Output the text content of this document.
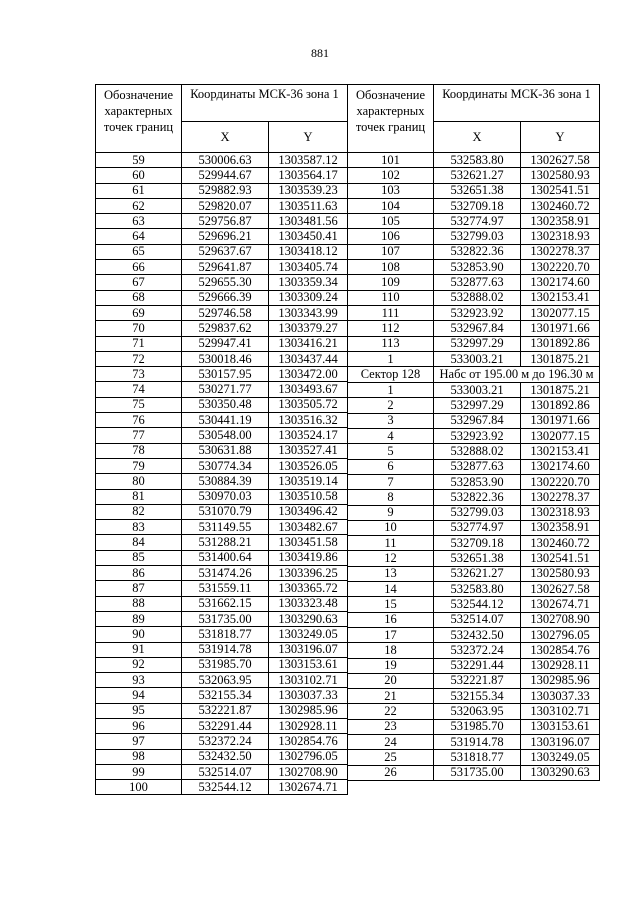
881
Обозначение характерных точек границ	Координаты МСК-36 зона 1	
	X	Y
59	530006.63	1303587.12
60	529944.67	1303564.17
61	529882.93	1303539.23
62	529820.07	1303511.63
63	529756.87	1303481.56
64	529696.21	1303450.41
65	529637.67	1303418.12
66	529641.87	1303405.74
67	529655.30	1303359.34
68	529666.39	1303309.24
69	529746.58	1303343.99
70	529837.62	1303379.27
71	529947.41	1303416.21
72	530018.46	1303437.44
73	530157.95	1303472.00
74	530271.77	1303493.67
75	530350.48	1303505.72
76	530441.19	1303516.32
77	530548.00	1303524.17
78	530631.88	1303527.41
79	530774.34	1303526.05
80	530884.39	1303519.14
81	530970.03	1303510.58
82	531070.79	1303496.42
83	531149.55	1303482.67
84	531288.21	1303451.58
85	531400.64	1303419.86
86	531474.26	1303396.25
87	531559.11	1303365.72
88	531662.15	1303323.48
89	531735.00	1303290.63
90	531818.77	1303249.05
91	531914.78	1303196.07
92	531985.70	1303153.61
93	532063.95	1303102.71
94	532155.34	1303037.33
95	532221.87	1302985.96
96	532291.44	1302928.11
97	532372.24	1302854.76
98	532432.50	1302796.05
99	532514.07	1302708.90
100	532544.12	1302674.71
Обозначение характерных точек границ	Координаты МСК-36 зона 1	
	X	Y
101	532583.80	1302627.58
102	532621.27	1302580.93
103	532651.38	1302541.51
104	532709.18	1302460.72
105	532774.97	1302358.91
106	532799.03	1302318.93
107	532822.36	1302278.37
108	532853.90	1302220.70
109	532877.63	1302174.60
110	532888.02	1302153.41
111	532923.92	1302077.15
112	532967.84	1301971.66
113	532997.29	1301892.86
1	533003.21	1301875.21
Сектор 128	Набс от 195.00 м до 196.30 м	
1	533003.21	1301875.21
2	532997.29	1301892.86
3	532967.84	1301971.66
4	532923.92	1302077.15
5	532888.02	1302153.41
6	532877.63	1302174.60
7	532853.90	1302220.70
8	532822.36	1302278.37
9	532799.03	1302318.93
10	532774.97	1302358.91
11	532709.18	1302460.72
12	532651.38	1302541.51
13	532621.27	1302580.93
14	532583.80	1302627.58
15	532544.12	1302674.71
16	532514.07	1302708.90
17	532432.50	1302796.05
18	532372.24	1302854.76
19	532291.44	1302928.11
20	532221.87	1302985.96
21	532155.34	1303037.33
22	532063.95	1303102.71
23	531985.70	1303153.61
24	531914.78	1303196.07
25	531818.77	1303249.05
26	531735.00	1303290.63
